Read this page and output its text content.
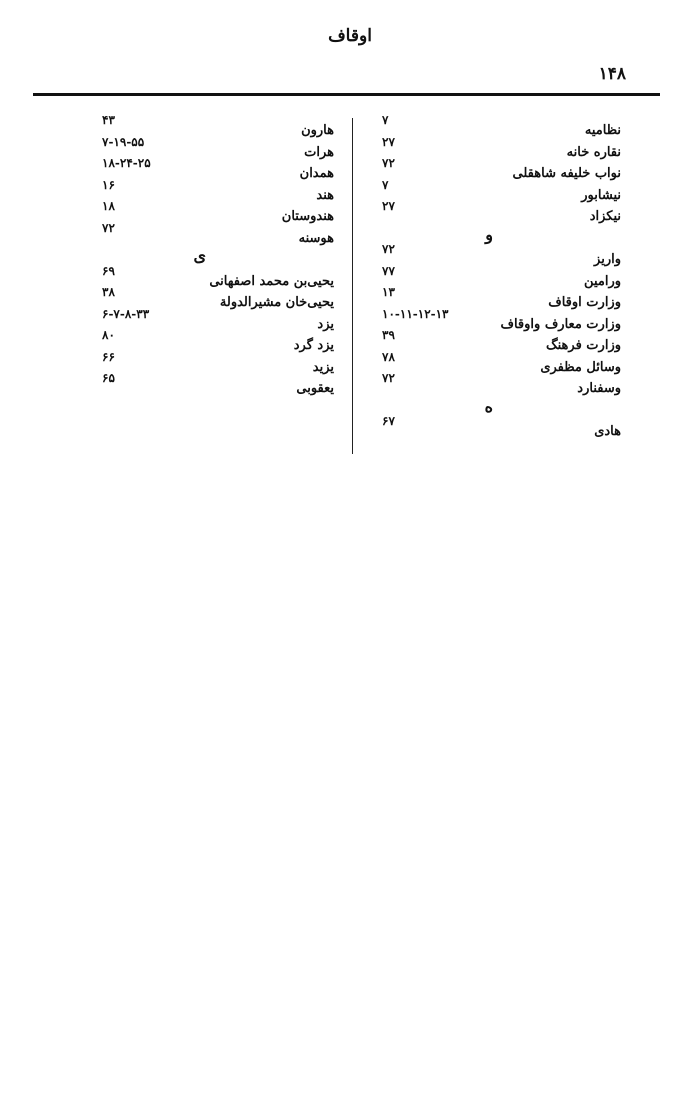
اوقاف
۱۴۸
۷
نظامیه
۲۷
نقاره خانه
۷۲
نواب خلیفه شاهقلی
۷
نیشابور
۲۷
نیکزاد
و
۷۲
واریز
۷۷
ورامین
۱۳
وزارت اوقاف
۱۰-۱۱-۱۲-۱۳
وزارت معارف واوقاف
۳۹
وزارت فرهنگ
۷۸
وسائل مظفری
۷۲
وسفنارد
ه
۶۷
هادی
۴۳
هارون
۷-۱۹-۵۵
هرات
۱۸-۲۴-۲۵
همدان
۱۶
هند
۱۸
هندوستان
۷۲
هوسنه
ی
۶۹
یحیی‌بن محمد اصفهانی
۳۸
یحیی‌خان مشیرالدولة
۶-۷-۸-۳۳
یزد
۸۰
یزد گرد
۶۶
یزید
۶۵
یعقوبی
